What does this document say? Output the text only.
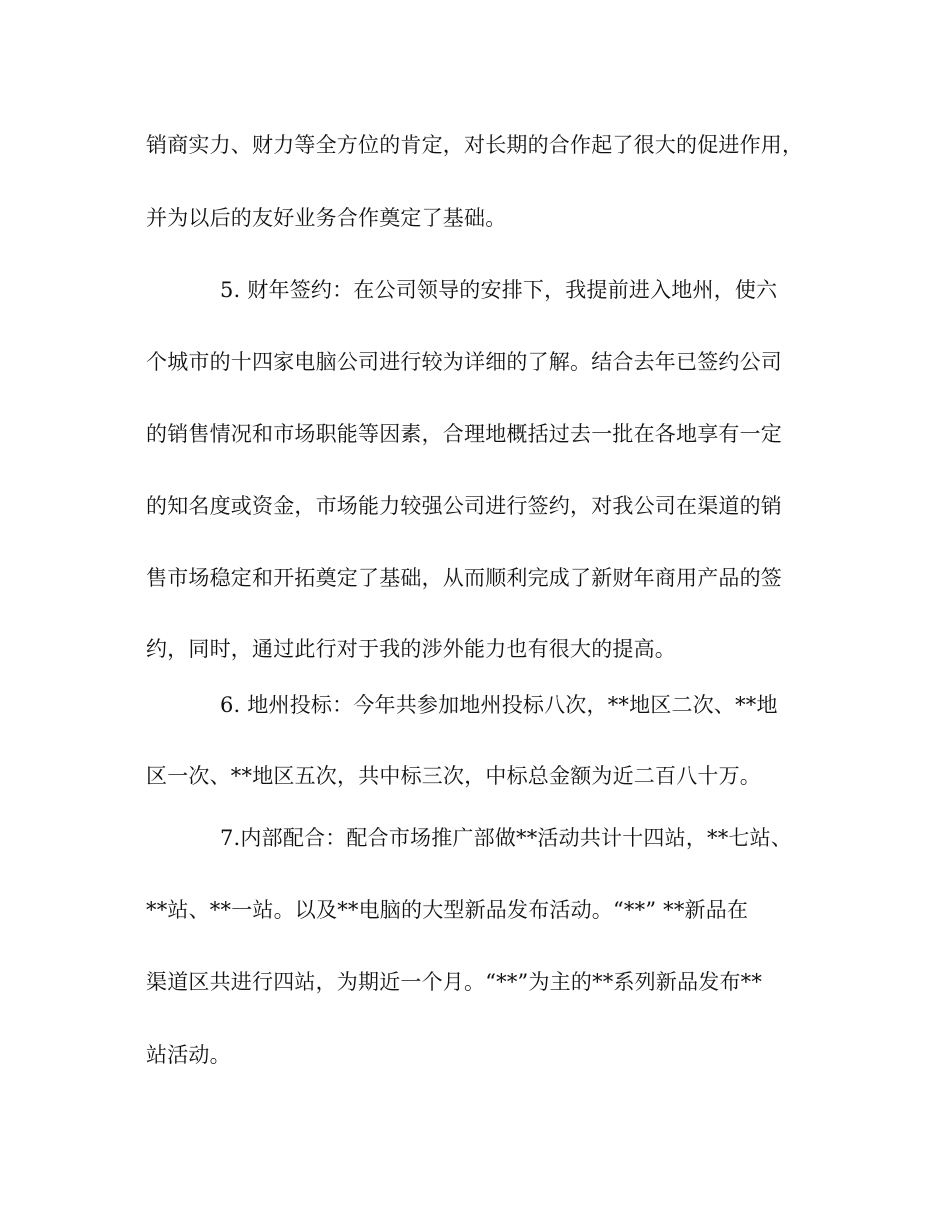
销商实力、财力等全方位的肯定，对长期的合作起了很大的促进作用，
并为以后的友好业务合作奠定了基础。
5. 财年签约：在公司领导的安排下，我提前进入地州，使六
个城市的十四家电脑公司进行较为详细的了解。结合去年已签约公司
的销售情况和市场职能等因素，合理地概括过去一批在各地享有一定
的知名度或资金，市场能力较强公司进行签约，对我公司在渠道的销
售市场稳定和开拓奠定了基础，从而顺利完成了新财年商用产品的签
约，同时，通过此行对于我的涉外能力也有很大的提高。
6. 地州投标：今年共参加地州投标八次，**地区二次、**地
区一次、**地区五次，共中标三次，中标总金额为近二百八十万。
7.内部配合：配合市场推广部做**活动共计十四站，**七站、
**站、**一站。以及**电脑的大型新品发布活动。“**” **新品在
渠道区共进行四站，为期近一个月。“**”为主的**系列新品发布**
站活动。
